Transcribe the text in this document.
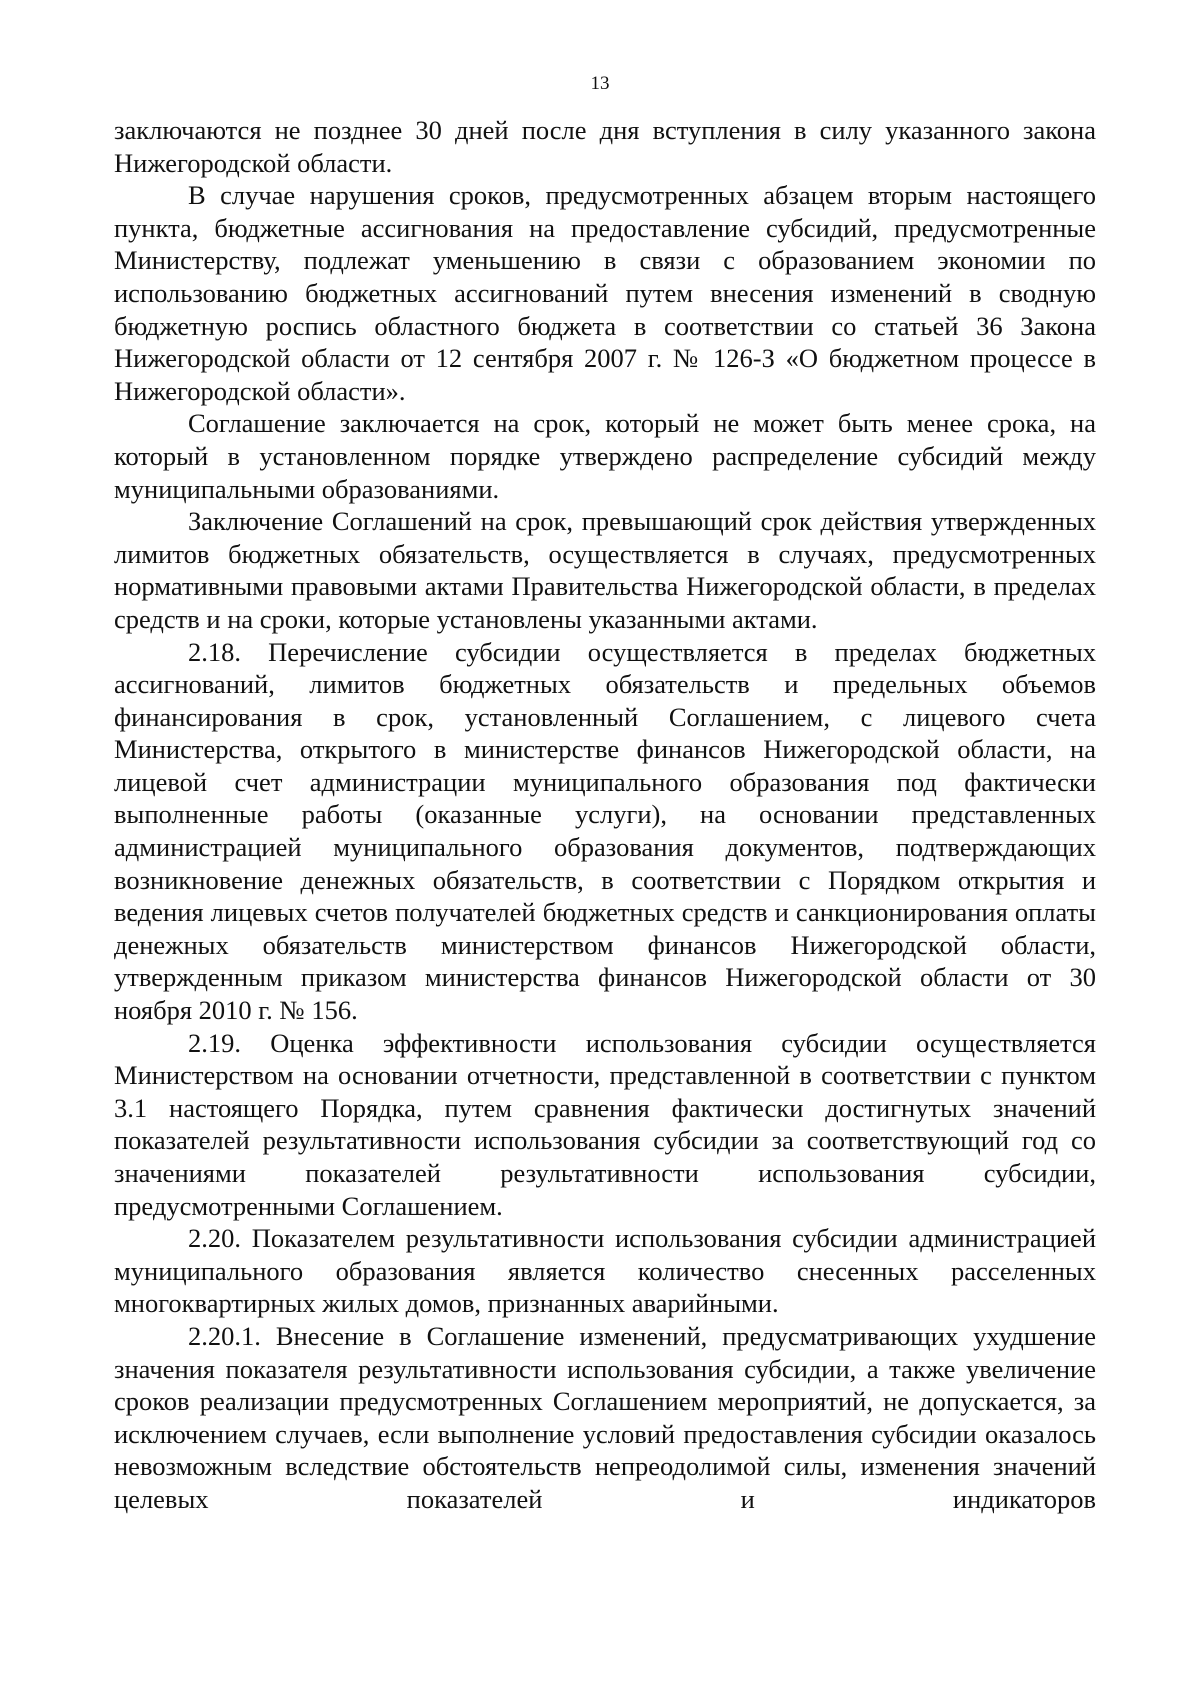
13

заключаются не позднее 30 дней после дня вступления в силу указанного закона Нижегородской области.

В случае нарушения сроков, предусмотренных абзацем вторым настоящего пункта, бюджетные ассигнования на предоставление субсидий, предусмотренные Министерству, подлежат уменьшению в связи с образованием экономии по использованию бюджетных ассигнований путем внесения изменений в сводную бюджетную роспись областного бюджета в соответствии со статьей 36 Закона Нижегородской области от 12 сентября 2007 г. № 126-З «О бюджетном процессе в Нижегородской области».

Соглашение заключается на срок, который не может быть менее срока, на который в установленном порядке утверждено распределение субсидий между муниципальными образованиями.

Заключение Соглашений на срок, превышающий срок действия утвержденных лимитов бюджетных обязательств, осуществляется в случаях, предусмотренных нормативными правовыми актами Правительства Нижегородской области, в пределах средств и на сроки, которые установлены указанными актами.

2.18. Перечисление субсидии осуществляется в пределах бюджетных ассигнований, лимитов бюджетных обязательств и предельных объемов финансирования в срок, установленный Соглашением, с лицевого счета Министерства, открытого в министерстве финансов Нижегородской области, на лицевой счет администрации муниципального образования под фактически выполненные работы (оказанные услуги), на основании представленных администрацией муниципального образования документов, подтверждающих возникновение денежных обязательств, в соответствии с Порядком открытия и ведения лицевых счетов получателей бюджетных средств и санкционирования оплаты денежных обязательств министерством финансов Нижегородской области, утвержденным приказом министерства финансов Нижегородской области от 30 ноября 2010 г. № 156.

2.19. Оценка эффективности использования субсидии осуществляется Министерством на основании отчетности, представленной в соответствии с пунктом 3.1 настоящего Порядка, путем сравнения фактически достигнутых значений показателей результативности использования субсидии за соответствующий год со значениями показателей результативности использования субсидии, предусмотренными Соглашением.

2.20. Показателем результативности использования субсидии администрацией муниципального образования является количество снесенных расселенных многоквартирных жилых домов, признанных аварийными.

2.20.1. Внесение в Соглашение изменений, предусматривающих ухудшение значения показателя результативности использования субсидии, а также увеличение сроков реализации предусмотренных Соглашением мероприятий, не допускается, за исключением случаев, если выполнение условий предоставления субсидии оказалось невозможным вследствие обстоятельств непреодолимой силы, изменения значений целевых показателей и индикаторов
